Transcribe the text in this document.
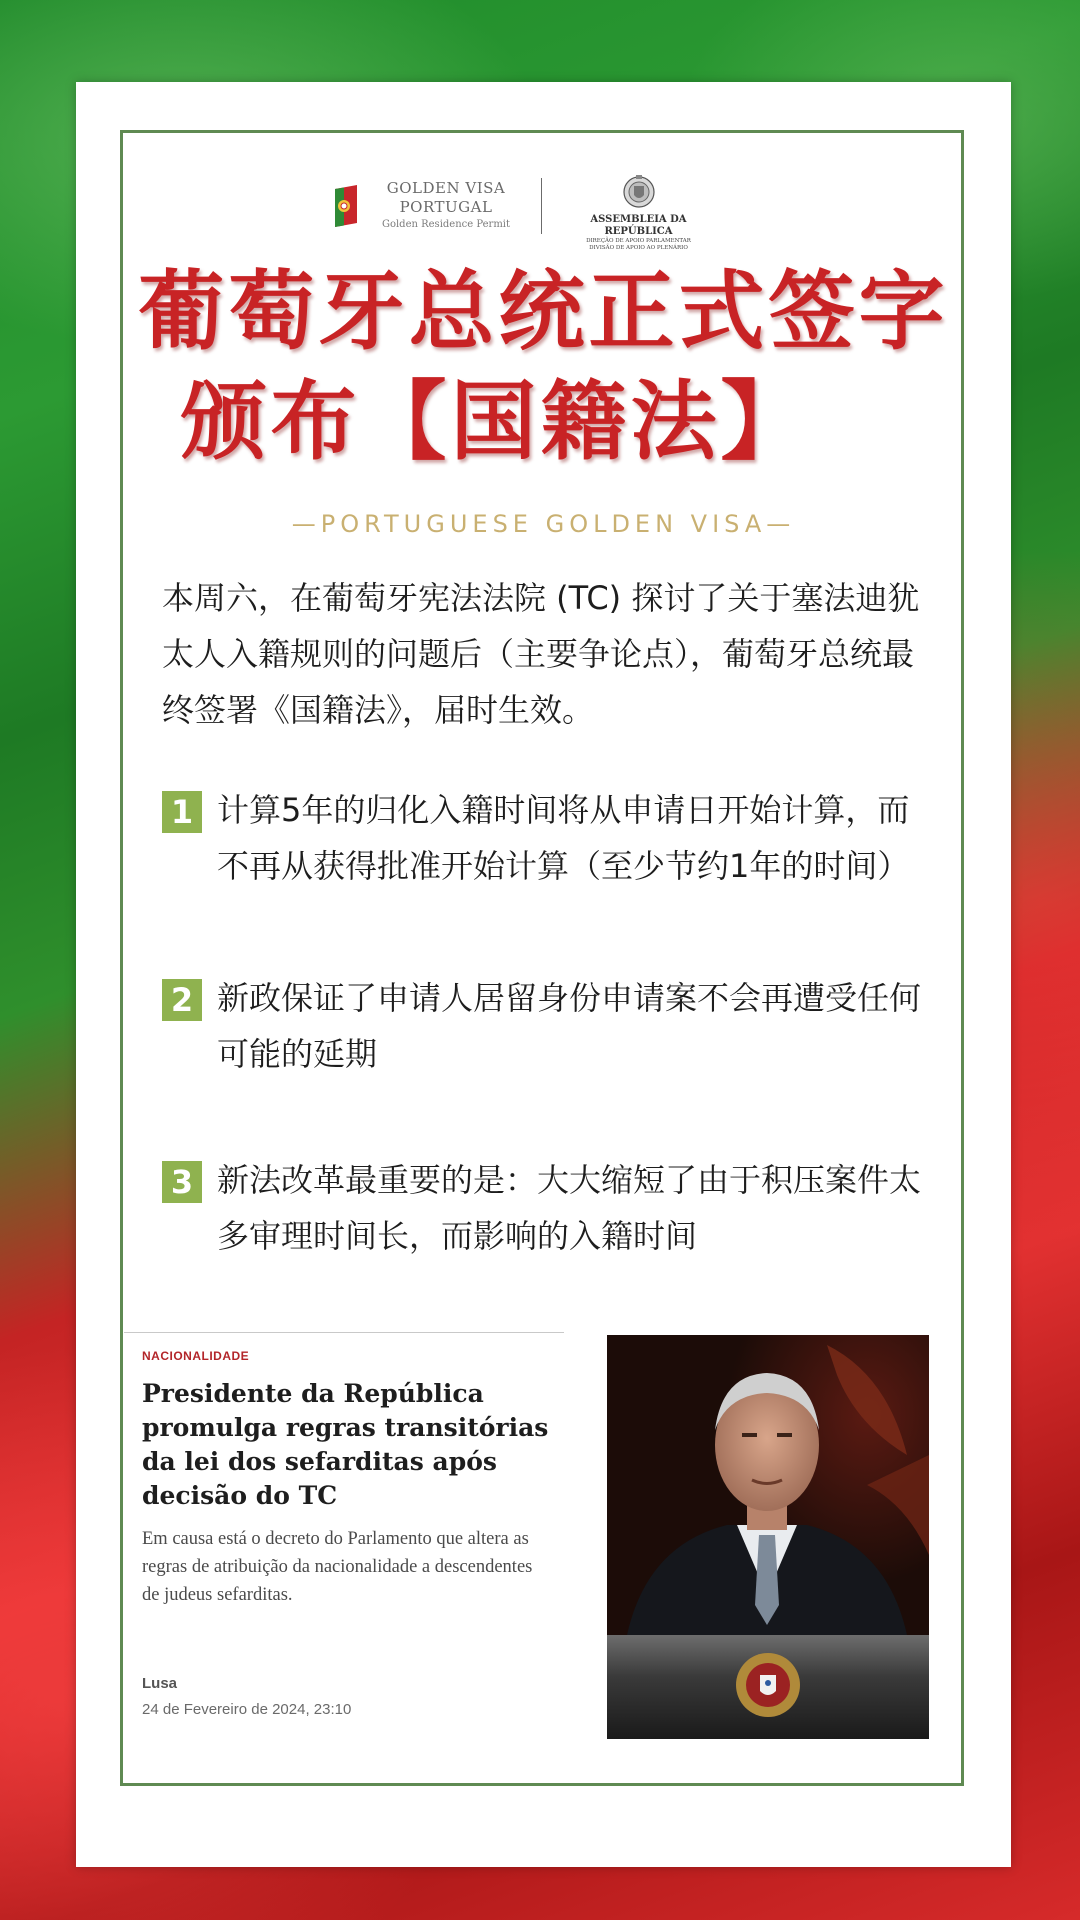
GOLDEN VISA
PORTUGAL
Golden Residence Permit	ASSEMBLEIA DA REPÚBLICA
DIREÇÃO DE APOIO PARLAMENTAR
DIVISÃO DE APOIO AO PLENÁRIO
葡萄牙总统正式签字
颁布【国籍法】
—PORTUGUESE GOLDEN VISA—
本周六，在葡萄牙宪法法院 (TC) 探讨了关于塞法迪犹太人入籍规则的问题后（主要争论点），葡萄牙总统最终签署《国籍法》，届时生效。
1 计算5年的归化入籍时间将从申请日开始计算，而不再从获得批准开始计算（至少节约1年的时间）
2 新政保证了申请人居留身份申请案不会再遭受任何可能的延期
3 新法改革最重要的是：大大缩短了由于积压案件太多审理时间长，而影响的入籍时间
NACIONALIDADE
Presidente da República promulga regras transitórias da lei dos sefarditas após decisão do TC
Em causa está o decreto do Parlamento que altera as regras de atribuição da nacionalidade a descendentes de judeus sefarditas.
Lusa
24 de Fevereiro de 2024, 23:10
